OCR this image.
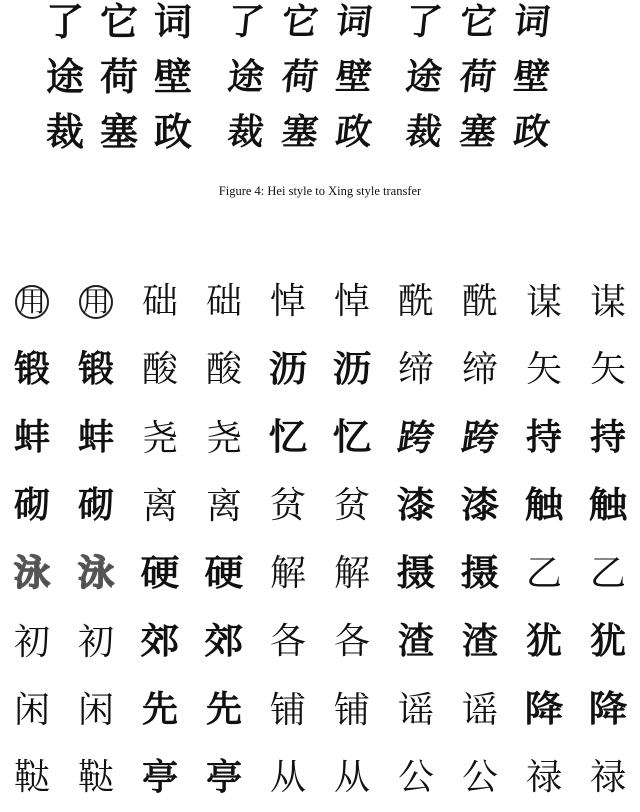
了 它 词
途 荷 壁
裁 塞 政
了 它 词
途 荷 壁
裁 塞 政
了 它 词
途 荷 壁
裁 塞 政
Figure 4: Hei style to Xing style transfer
用 用 础 础 悼 悼 酰 酰 谋 谋
锻 锻 酸 酸 沥 沥 缔 缔 矢 矢
蚌 蚌 尧 尧 忆 忆 跨 跨 持 持
砌 砌 离 离 贫 贫 漆 漆 触 触
泳 泳 硬 硬 解 解 摄 摄 乙 乙
初 初 郊 郊 各 各 渣 渣 犹 犹
闲 闲 先 先 铺 铺 谣 谣 降 降
鞑 鞑 亭 亭 从 从 公 公 禄 禄
